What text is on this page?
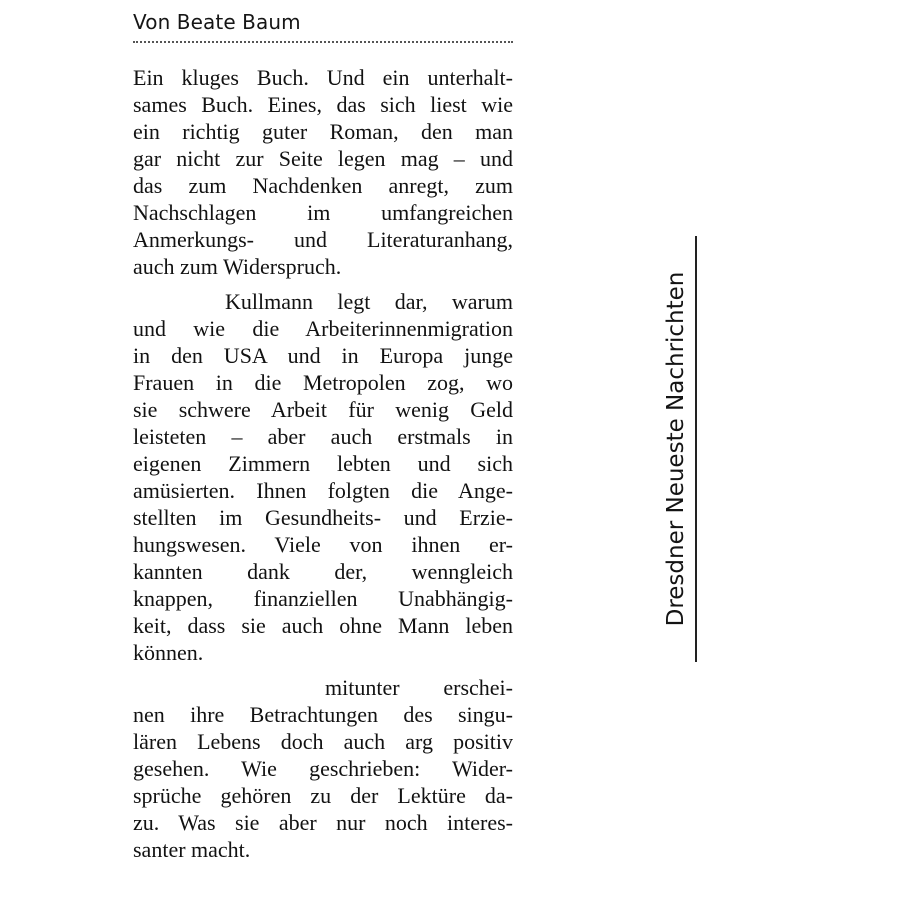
Von Beate Baum
Ein kluges Buch. Und ein unterhalt-
sames Buch. Eines, das sich liest wie
ein richtig guter Roman, den man
gar nicht zur Seite legen mag – und
das zum Nachdenken anregt, zum
Nachschlagen im umfangreichen
Anmerkungs- und Literaturanhang,
auch zum Widerspruch.
Kullmann legt dar, warum
und wie die Arbeiterinnenmigration
in den USA und in Europa junge
Frauen in die Metropolen zog, wo
sie schwere Arbeit für wenig Geld
leisteten – aber auch erstmals in
eigenen Zimmern lebten und sich
amüsierten. Ihnen folgten die Ange-
stellten im Gesundheits- und Erzie-
hungswesen. Viele von ihnen er-
kannten dank der, wenngleich
knappen, finanziellen Unabhängig-
keit, dass sie auch ohne Mann leben
können.
mitunter erschei-
nen ihre Betrachtungen des singu-
lären Lebens doch auch arg positiv
gesehen. Wie geschrieben: Wider-
sprüche gehören zu der Lektüre da-
zu. Was sie aber nur noch interes-
santer macht.
Dresdner Neueste Nachrichten
